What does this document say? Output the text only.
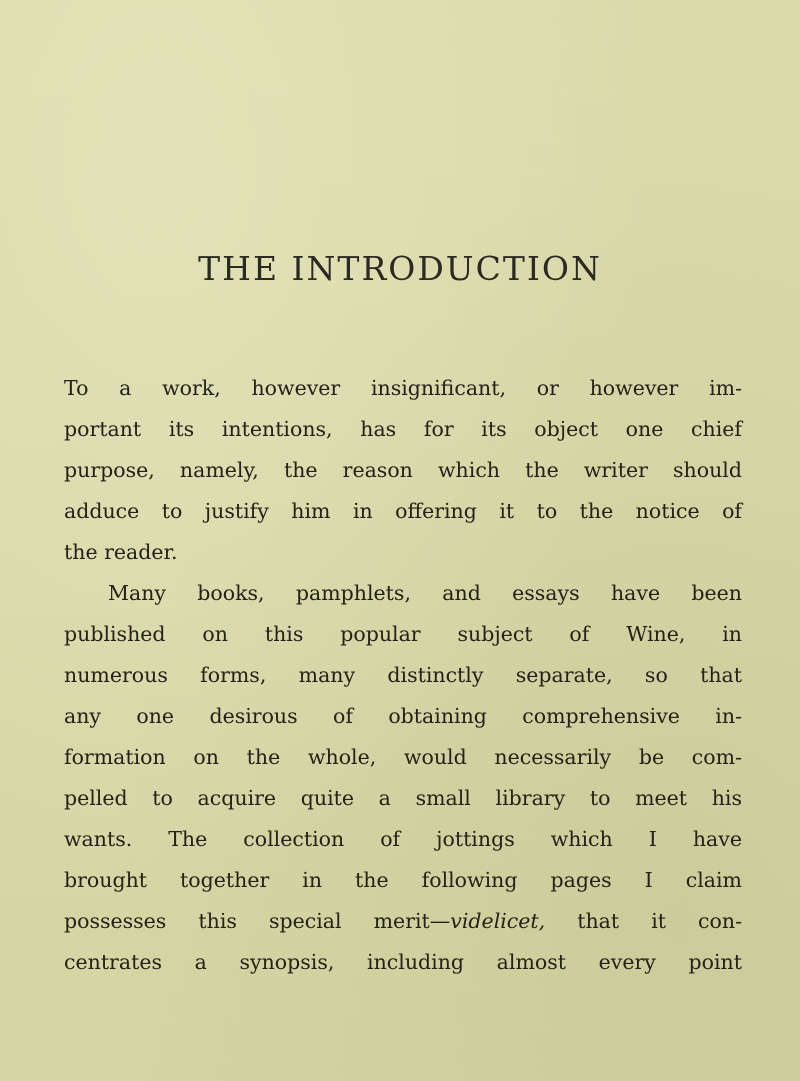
THE INTRODUCTION
To a work, however insignificant, or however im-
portant its intentions, has for its object one chief
purpose, namely, the reason which the writer should
adduce to justify him in offering it to the notice of
the reader.
Many books, pamphlets, and essays have been
published on this popular subject of Wine, in
numerous forms, many distinctly separate, so that
any one desirous of obtaining comprehensive in-
formation on the whole, would necessarily be com-
pelled to acquire quite a small library to meet his
wants. The collection of jottings which I have
brought together in the following pages I claim
possesses this special merit—videlicet, that it con-
centrates a synopsis, including almost every point
